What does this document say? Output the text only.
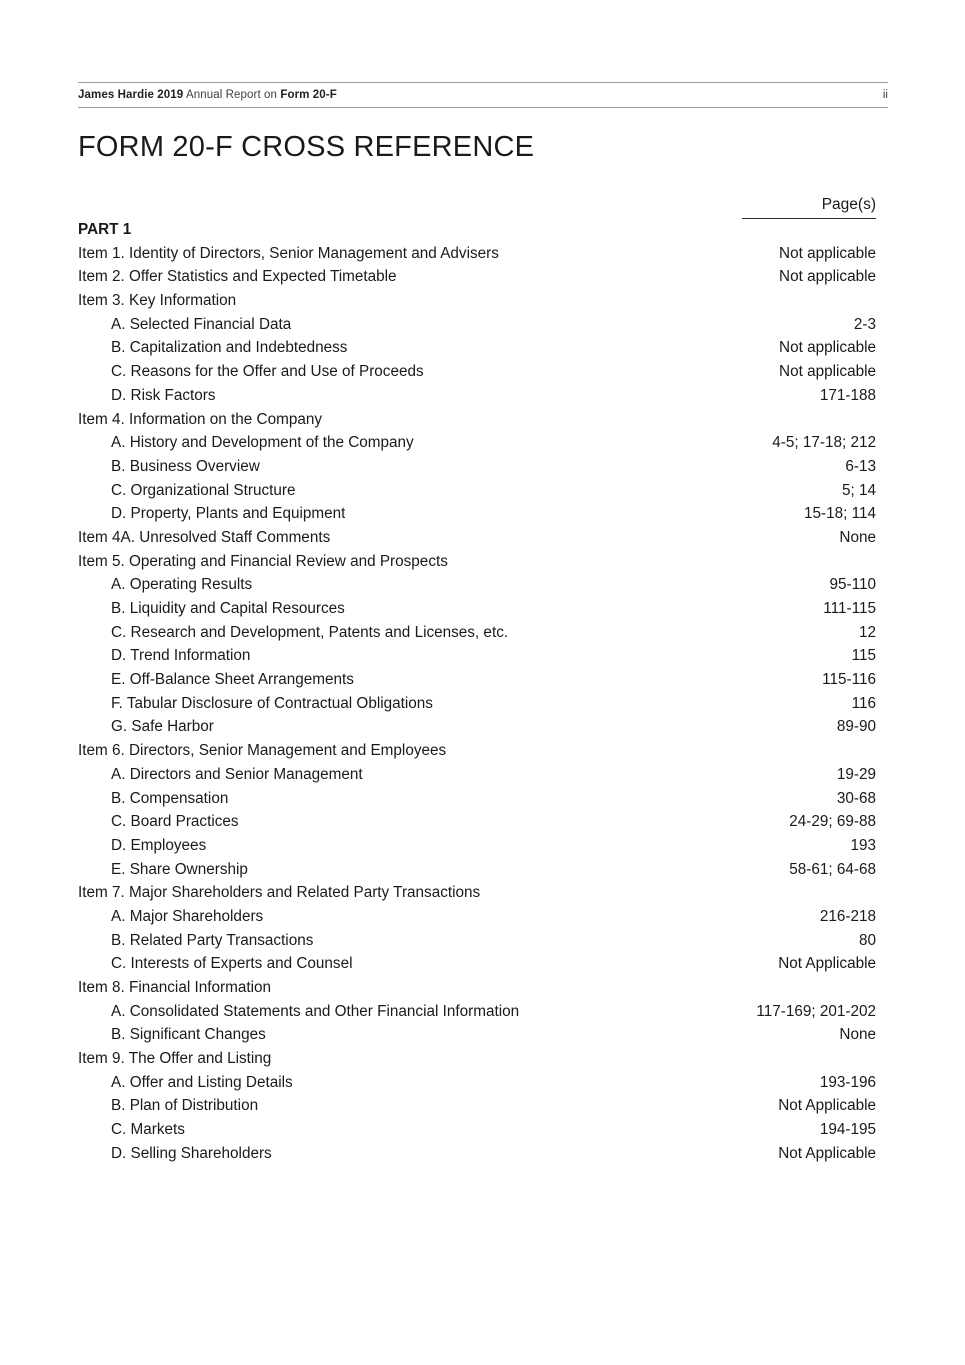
James Hardie 2019 Annual Report on Form 20-F	ii
FORM 20-F CROSS REFERENCE
Page(s)
PART 1
Item 1. Identity of Directors, Senior Management and Advisers	Not applicable
Item 2. Offer Statistics and Expected Timetable	Not applicable
Item 3. Key Information
A. Selected Financial Data	2-3
B. Capitalization and Indebtedness	Not applicable
C. Reasons for the Offer and Use of Proceeds	Not applicable
D. Risk Factors	171-188
Item 4. Information on the Company
A. History and Development of the Company	4-5; 17-18; 212
B. Business Overview	6-13
C. Organizational Structure	5; 14
D. Property, Plants and Equipment	15-18; 114
Item 4A. Unresolved Staff Comments	None
Item 5. Operating and Financial Review and Prospects
A. Operating Results	95-110
B. Liquidity and Capital Resources	111-115
C. Research and Development, Patents and Licenses, etc.	12
D. Trend Information	115
E. Off-Balance Sheet Arrangements	115-116
F. Tabular Disclosure of Contractual Obligations	116
G. Safe Harbor	89-90
Item 6. Directors, Senior Management and Employees
A. Directors and Senior Management	19-29
B. Compensation	30-68
C. Board Practices	24-29; 69-88
D. Employees	193
E. Share Ownership	58-61; 64-68
Item 7. Major Shareholders and Related Party Transactions
A. Major Shareholders	216-218
B. Related Party Transactions	80
C. Interests of Experts and Counsel	Not Applicable
Item 8. Financial Information
A. Consolidated Statements and Other Financial Information	117-169; 201-202
B. Significant Changes	None
Item 9. The Offer and Listing
A. Offer and Listing Details	193-196
B. Plan of Distribution	Not Applicable
C. Markets	194-195
D. Selling Shareholders	Not Applicable
